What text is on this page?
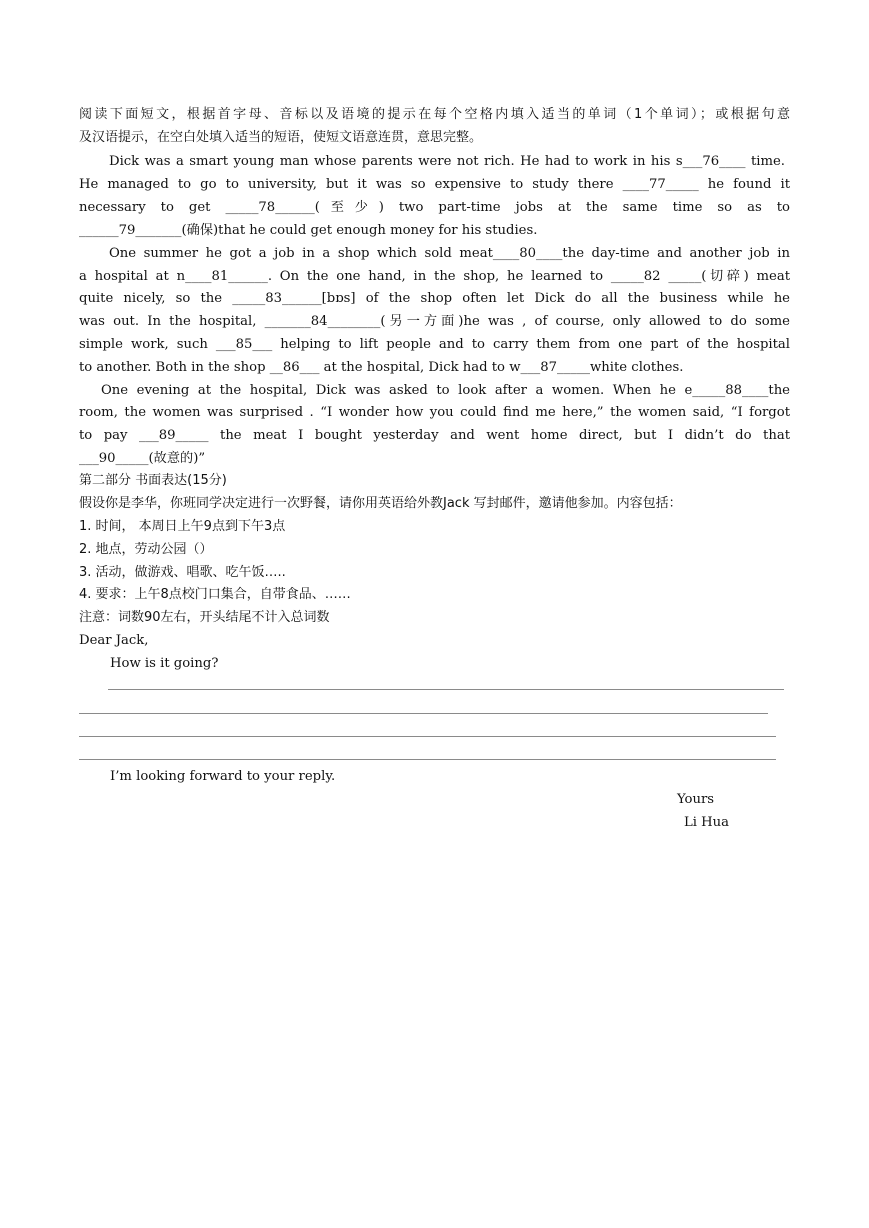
阅读下面短文，根据首字母、音标以及语境的提示在每个空格内填入适当的单词（1个单词）；或根据句意

及汉语提示，在空白处填入适当的短语，使短文语意连贯，意思完整。

Dick was a smart young man whose parents were not rich. He had to work in his s___76____ time.

He managed to go to university, but it was so expensive to study there ____77_____ he found it

necessary to get _____78______(至少) two part-time jobs at the same time so as to

______79_______(确保)that he could get enough money for his studies.

One summer he got a job in a shop which sold meat____80____the day-time and another job in

a hospital at n____81______. On the one hand, in the shop, he learned to _____82 _____(切碎) meat

quite nicely, so the _____83______[bɒs] of the shop often let Dick do all the business while he

was out. In the hospital, _______84________(另一方面)he was , of course, only allowed to do some

simple work, such ___85___ helping to lift people and to carry them from one part of the hospital

to another. Both in the shop __86___ at the hospital, Dick had to w___87_____white clothes.

One evening at the hospital, Dick was asked to look after a women. When he e_____88____the

room, the women was surprised . “I wonder how you could find me here,” the women said, “I forgot

to pay ___89_____ the meat I bought yesterday and went home direct, but I didn’t do that

___90_____(故意的)”

第二部分 书面表达(15分)

假设你是李华，你班同学决定进行一次野餐，请你用英语给外教Jack 写封邮件，邀请他参加。内容包括：

1. 时间， 本周日上午9点到下午3点

2. 地点，劳动公园（）

3. 活动，做游戏、唱歌、吃午饭…..

4. 要求：上午8点校门口集合，自带食品、……

注意：词数90左右，开头结尾不计入总词数

Dear Jack,

How is it going?

I’m looking forward to your reply.

Yours
Li Hua
